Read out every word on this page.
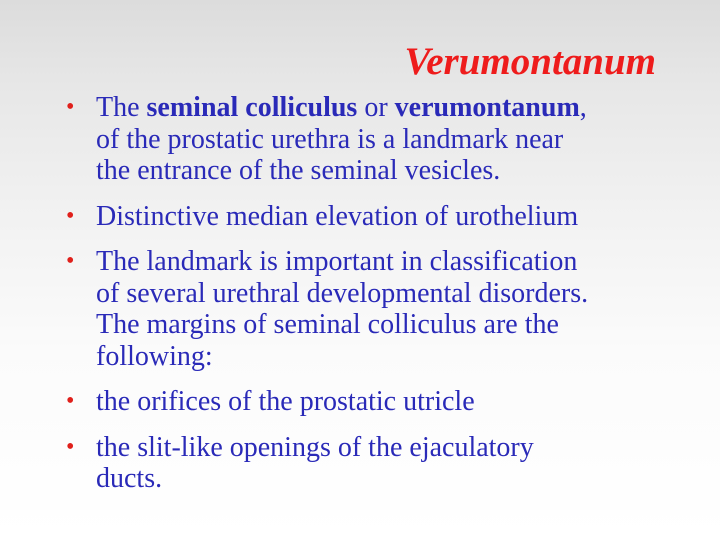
Verumontanum
• The seminal colliculus or verumontanum,
of the prostatic urethra is a landmark near
the entrance of the seminal vesicles.
• Distinctive median elevation of urothelium
• The landmark is important in classification
of several urethral developmental disorders.
The margins of seminal colliculus are the
following:
• the orifices of the prostatic utricle
• the slit-like openings of the ejaculatory
ducts.
